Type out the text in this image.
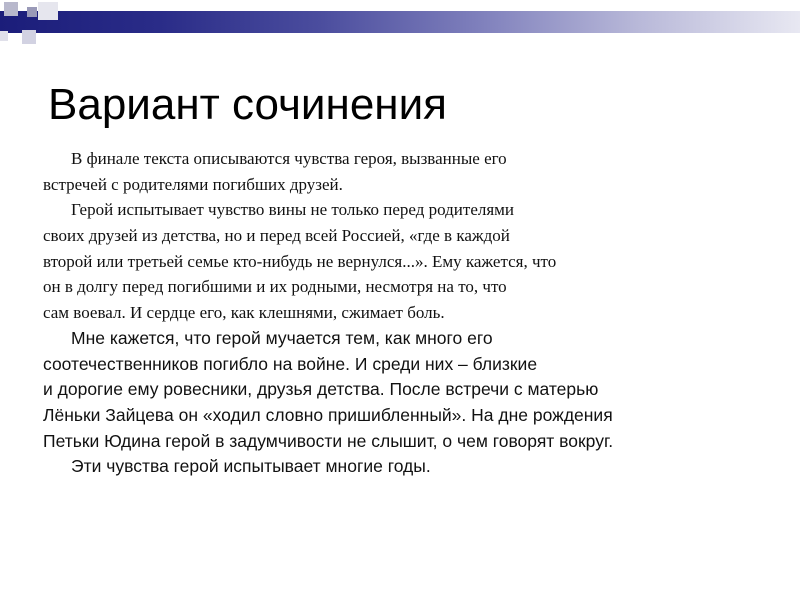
Вариант сочинения
В финале текста описываются чувства героя, вызванные его
встречей с родителями погибших друзей.
Герой испытывает чувство вины не только перед родителями
своих друзей из детства, но и перед всей Россией, «где в каждой
второй или третьей семье кто-нибудь не вернулся...». Ему кажется, что
он в долгу перед погибшими и их родными, несмотря на то, что
сам воевал. И сердце его, как клешнями, сжимает боль.
Мне кажется, что герой мучается тем, как много его
соотечественников погибло на войне. И среди них – близкие
и дорогие ему ровесники, друзья детства. После встречи с матерью
Лёньки Зайцева он «ходил словно пришибленный». На дне рождения
Петьки Юдина герой в задумчивости не слышит, о чем говорят вокруг.
Эти чувства герой испытывает многие годы.
